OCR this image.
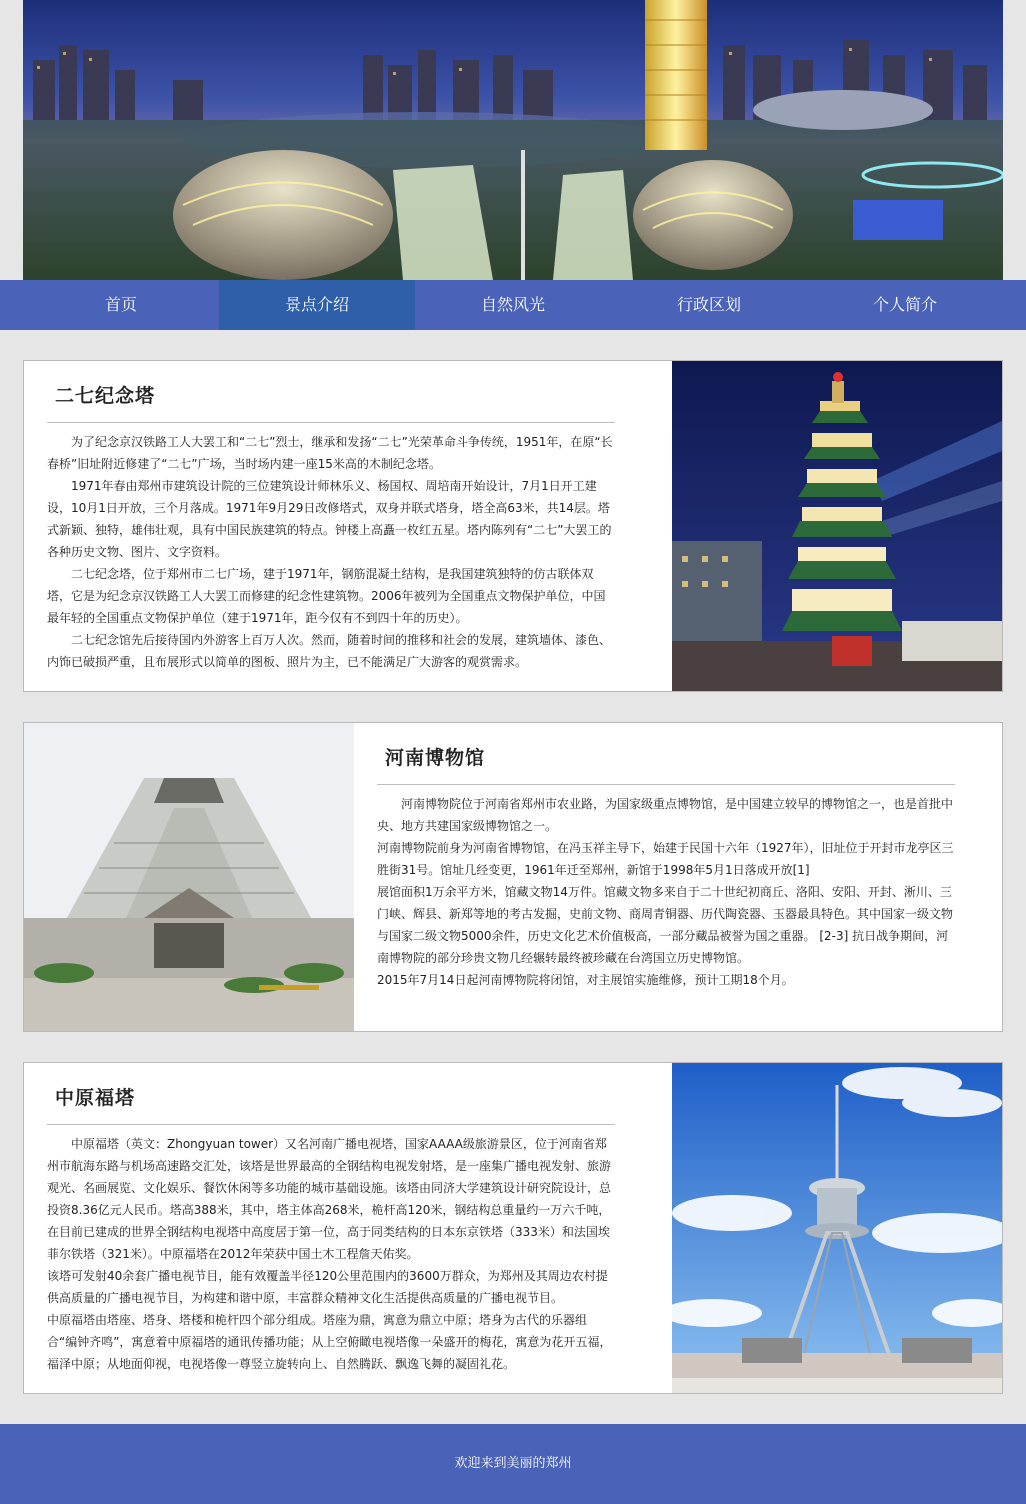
首页	景点介绍	自然风光	行政区划	个人简介
二七纪念塔

为了纪念京汉铁路工人大罢工和“二七”烈士，继承和发扬“二七”光荣革命斗争传统，1951年，在原“长春桥”旧址附近修建了“二七”广场，当时场内建一座15米高的木制纪念塔。

1971年春由郑州市建筑设计院的三位建筑设计师林乐义、杨国权、周培南开始设计，7月1日开工建设，10月1日开放，三个月落成。1971年9月29日改修塔式，双身并联式塔身，塔全高63米，共14层。塔式新颖、独特，雄伟壮观，具有中国民族建筑的特点。钟楼上高矗一枚红五星。塔内陈列有“二七”大罢工的各种历史文物、图片、文字资料。

二七纪念塔，位于郑州市二七广场，建于1971年，钢筋混凝土结构，是我国建筑独特的仿古联体双塔，它是为纪念京汉铁路工人大罢工而修建的纪念性建筑物。2006年被列为全国重点文物保护单位，中国最年轻的全国重点文物保护单位（建于1971年，距今仅有不到四十年的历史）。

二七纪念馆先后接待国内外游客上百万人次。然而，随着时间的推移和社会的发展，建筑墙体、漆色、内饰已破损严重，且布展形式以简单的图板、照片为主，已不能满足广大游客的观赏需求。

河南博物馆

河南博物院位于河南省郑州市农业路，为国家级重点博物馆，是中国建立较早的博物馆之一，也是首批中央、地方共建国家级博物馆之一。

河南博物院前身为河南省博物馆，在冯玉祥主导下，始建于民国十六年（1927年），旧址位于开封市龙亭区三胜街31号。馆址几经变更，1961年迁至郑州，新馆于1998年5月1日落成开放[1]

展馆面积1万余平方米，馆藏文物14万件。馆藏文物多来自于二十世纪初商丘、洛阳、安阳、开封、淅川、三门峡、辉县、新郑等地的考古发掘，史前文物、商周青铜器、历代陶瓷器、玉器最具特色。其中国家一级文物与国家二级文物5000余件，历史文化艺术价值极高，一部分藏品被誉为国之重器。 [2-3] 抗日战争期间，河南博物院的部分珍贵文物几经辗转最终被珍藏在台湾国立历史博物馆。

2015年7月14日起河南博物院将闭馆，对主展馆实施维修，预计工期18个月。

中原福塔

中原福塔（英文：Zhongyuan tower）又名河南广播电视塔，国家AAAA级旅游景区，位于河南省郑州市航海东路与机场高速路交汇处，该塔是世界最高的全钢结构电视发射塔，是一座集广播电视发射、旅游观光、名画展览、文化娱乐、餐饮休闲等多功能的城市基础设施。该塔由同济大学建筑设计研究院设计，总投资8.36亿元人民币。塔高388米，其中，塔主体高268米，桅杆高120米，钢结构总重量约一万六千吨，在目前已建成的世界全钢结构电视塔中高度居于第一位，高于同类结构的日本东京铁塔（333米）和法国埃菲尔铁塔（321米）。中原福塔在2012年荣获中国土木工程詹天佑奖。

该塔可发射40余套广播电视节目，能有效覆盖半径120公里范围内的3600万群众，为郑州及其周边农村提供高质量的广播电视节目，为构建和谐中原，丰富群众精神文化生活提供高质量的广播电视节目。

中原福塔由塔座、塔身、塔楼和桅杆四个部分组成。塔座为鼎，寓意为鼎立中原；塔身为古代的乐器组合“编钟齐鸣”，寓意着中原福塔的通讯传播功能；从上空俯瞰电视塔像一朵盛开的梅花，寓意为花开五福，福泽中原；从地面仰视，电视塔像一尊竖立旋转向上、自然腾跃、飘逸飞舞的凝固礼花。

欢迎来到美丽的郑州
